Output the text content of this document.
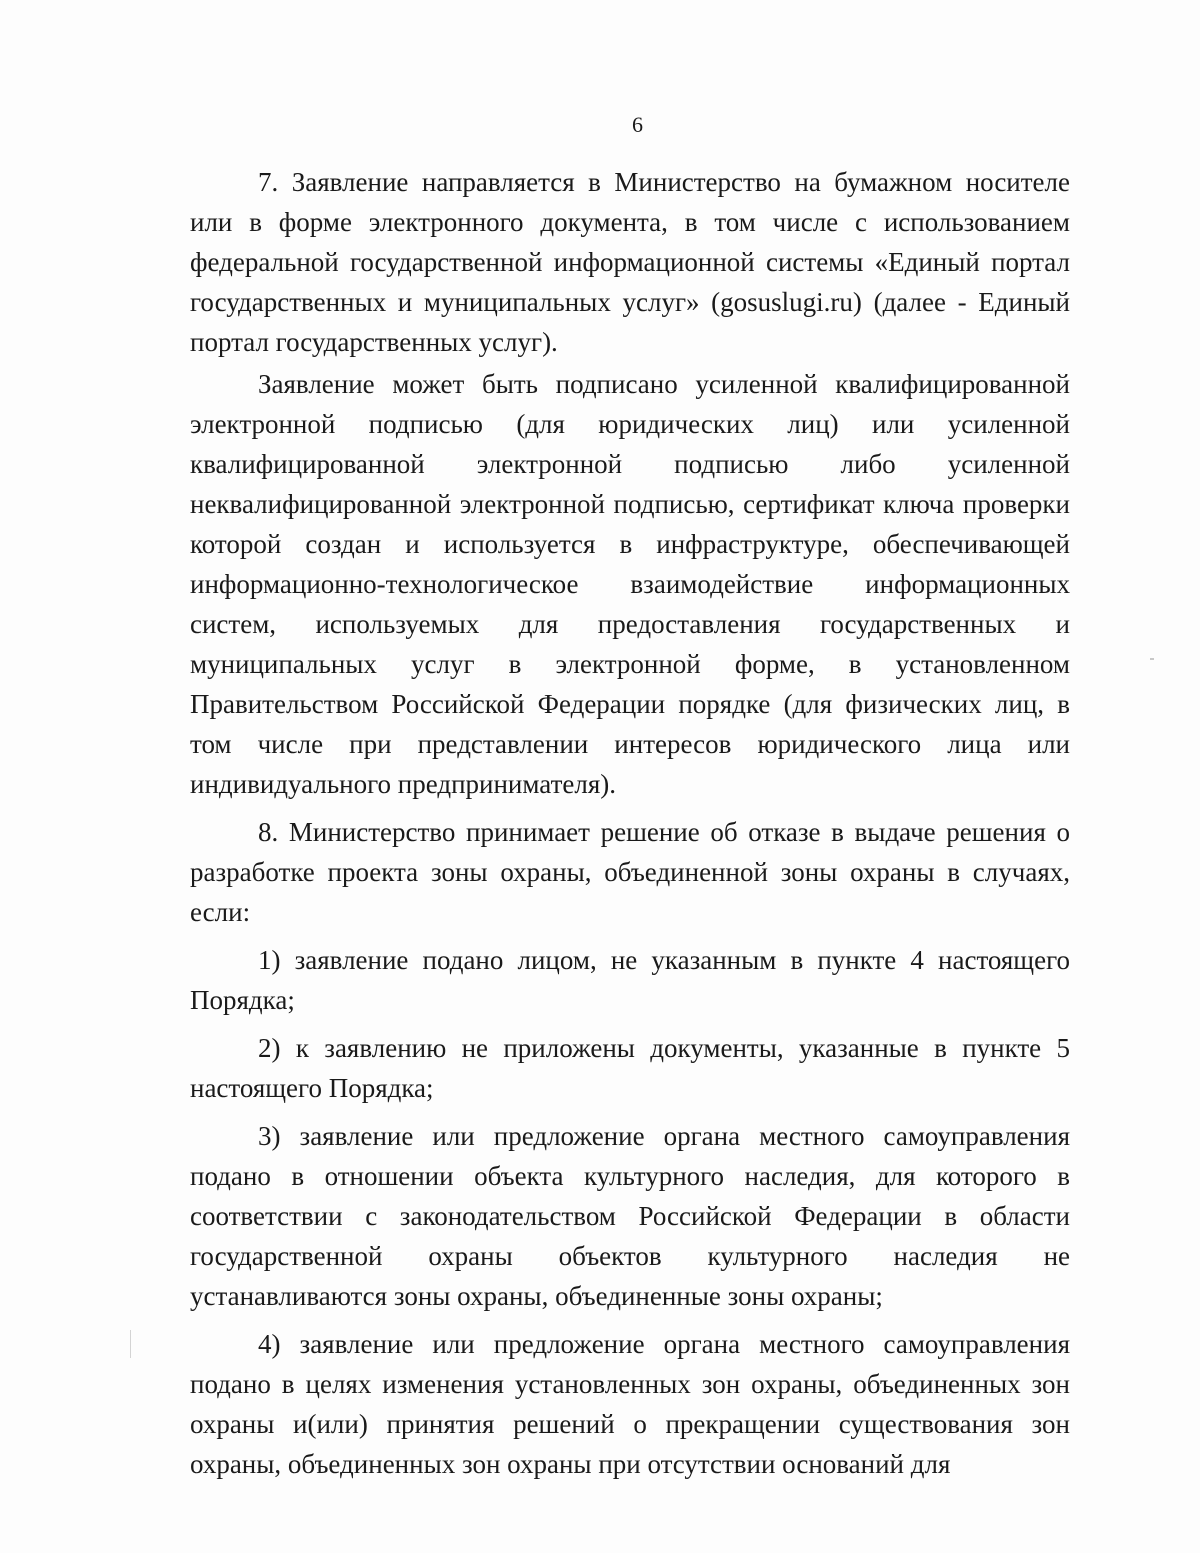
6

7. Заявление направляется в Министерство на бумажном носителе или в форме электронного документа, в том числе с использованием федеральной государственной информационной системы «Единый портал государственных и муниципальных услуг» (gosuslugi.ru) (далее - Единый портал государственных услуг).

Заявление может быть подписано усиленной квалифицированной электронной подписью (для юридических лиц) или усиленной квалифицированной электронной подписью либо усиленной неквалифицированной электронной подписью, сертификат ключа проверки которой создан и используется в инфраструктуре, обеспечивающей информационно-технологическое взаимодействие информационных систем, используемых для предоставления государственных и муниципальных услуг в электронной форме, в установленном Правительством Российской Федерации порядке (для физических лиц, в том числе при представлении интересов юридического лица или индивидуального предпринимателя).

8. Министерство принимает решение об отказе в выдаче решения о разработке проекта зоны охраны, объединенной зоны охраны в случаях, если:

1) заявление подано лицом, не указанным в пункте 4 настоящего Порядка;

2) к заявлению не приложены документы, указанные в пункте 5 настоящего Порядка;

3) заявление или предложение органа местного самоуправления подано в отношении объекта культурного наследия, для которого в соответствии с законодательством Российской Федерации в области государственной охраны объектов культурного наследия не устанавливаются зоны охраны, объединенные зоны охраны;

4) заявление или предложение органа местного самоуправления подано в целях изменения установленных зон охраны, объединенных зон охраны и(или) принятия решений о прекращении существования зон охраны, объединенных зон охраны при отсутствии оснований для
